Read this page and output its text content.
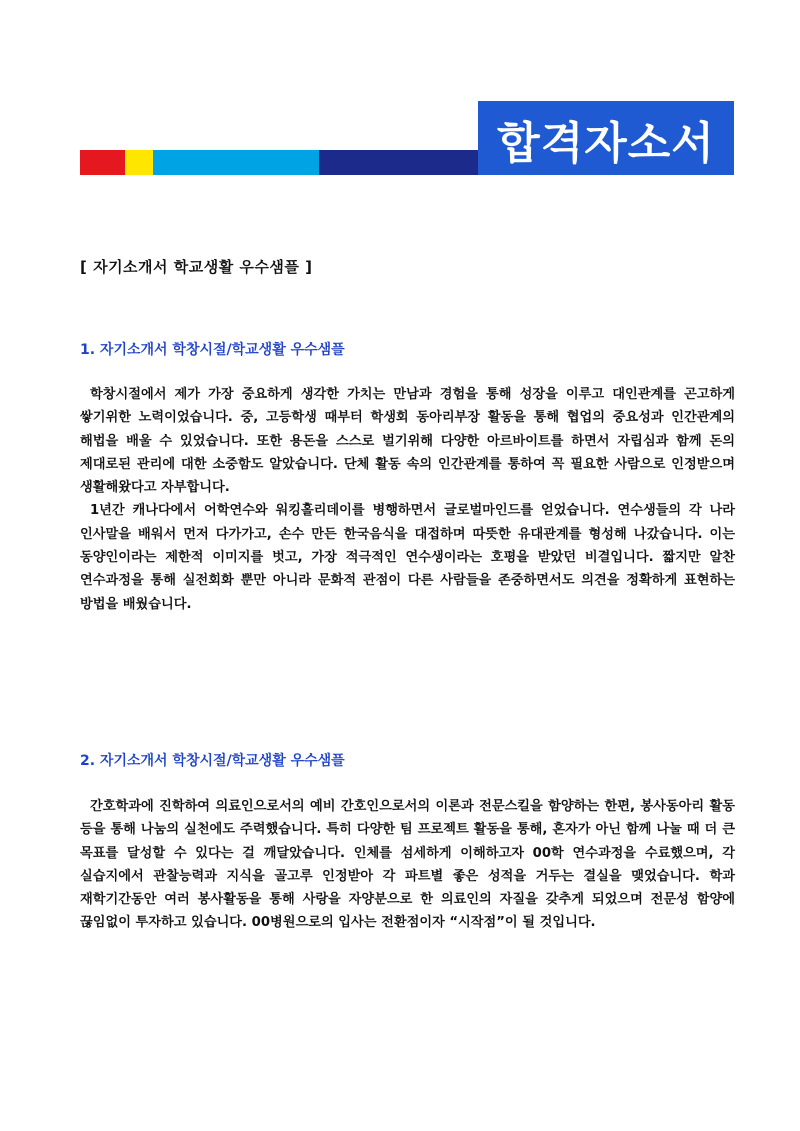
합격자소서
[ 자기소개서 학교생활 우수샘플 ]
1. 자기소개서 학창시절/학교생활 우수샘플

학창시절에서 제가 가장 중요하게 생각한 가치는 만남과 경험을 통해 성장을 이루고 대인관계를 곤고하게 쌓기위한 노력이었습니다. 중, 고등학생 때부터 학생회 동아리부장 활동을 통해 협업의 중요성과 인간관계의 해법을 배울 수 있었습니다. 또한 용돈을 스스로 벌기위해 다양한 아르바이트를 하면서 자립심과 함께 돈의 제대로된 관리에 대한 소중함도 알았습니다. 단체 활동 속의 인간관계를 통하여 꼭 필요한 사람으로 인정받으며 생활해왔다고 자부합니다.

1년간 캐나다에서 어학연수와 워킹홀리데이를 병행하면서 글로벌마인드를 얻었습니다. 연수생들의 각 나라 인사말을 배워서 먼저 다가가고, 손수 만든 한국음식을 대접하며 따뜻한 유대관계를 형성해 나갔습니다. 이는 동양인이라는 제한적 이미지를 벗고, 가장 적극적인 연수생이라는 호평을 받았던 비결입니다. 짧지만 알찬 연수과정을 통해 실전회화 뿐만 아니라 문화적 관점이 다른 사람들을 존중하면서도 의견을 정확하게 표현하는 방법을 배웠습니다.

2. 자기소개서 학창시절/학교생활 우수샘플

간호학과에 진학하여 의료인으로서의 예비 간호인으로서의 이론과 전문스킬을 함양하는 한편, 봉사동아리 활동 등을 통해 나눔의 실천에도 주력했습니다. 특히 다양한 팀 프로젝트 활동을 통해, 혼자가 아닌 함께 나눌 때 더 큰 목표를 달성할 수 있다는 걸 깨달았습니다. 인체를 섬세하게 이해하고자 00학 연수과정을 수료했으며, 각 실습지에서 관찰능력과 지식을 골고루 인정받아 각 파트별 좋은 성적을 거두는 결실을 맺었습니다. 학과 재학기간동안 여러 봉사활동을 통해 사랑을 자양분으로 한 의료인의 자질을 갖추게 되었으며 전문성 함양에 끊임없이 투자하고 있습니다. 00병원으로의 입사는 전환점이자 “시작점”이 될 것입니다.
